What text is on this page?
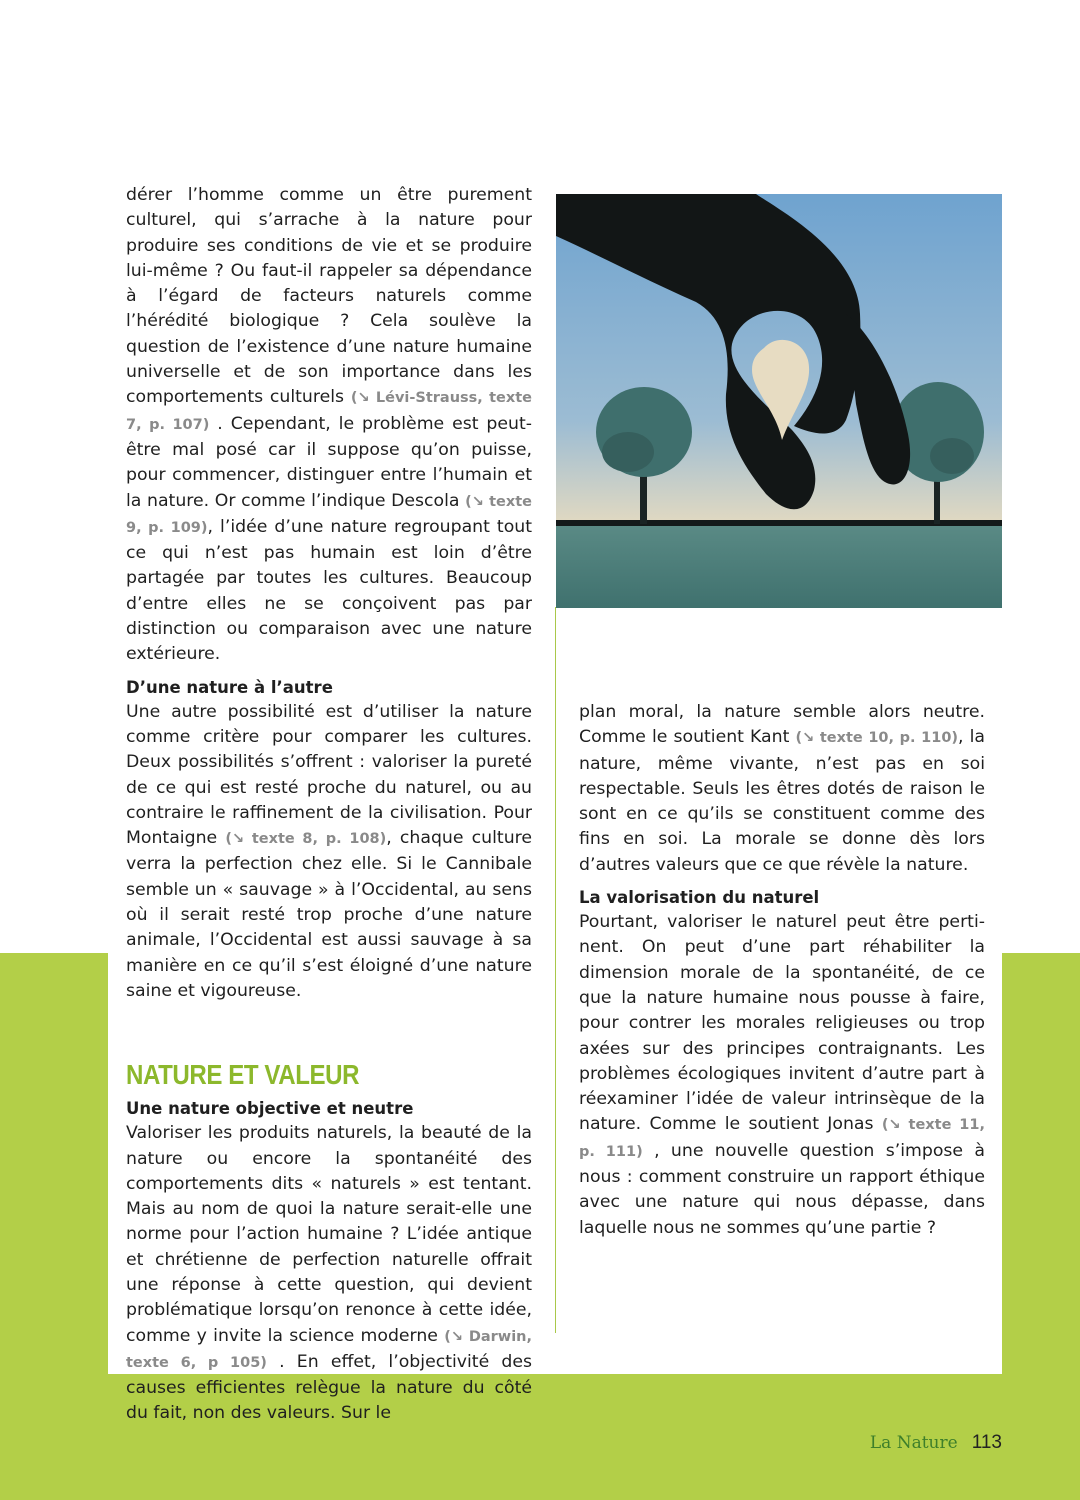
dérer l’homme comme un être purement culturel, qui s’arrache à la nature pour produire ses conditions de vie et se produire lui-même ? Ou faut-il rappeler sa dépendance à l’égard de facteurs naturels comme l’hérédité biologique ? Cela soulève la question de l’existence d’une nature humaine universelle et de son importance dans les comportements culturels (↘ Lévi-Strauss, texte 7, p. 107) . Cependant, le problème est peut-être mal posé car il suppose qu’on puisse, pour commencer, distinguer entre l’humain et la nature. Or comme l’indique Descola (↘ texte 9, p. 109), l’idée d’une nature regroupant tout ce qui n’est pas humain est loin d’être partagée par toutes les cultures. Beaucoup d’entre elles ne se conçoivent pas par distinction ou comparaison avec une nature extérieure.

D’une nature à l’autre

Une autre possibilité est d’utiliser la nature comme critère pour comparer les cultures. Deux possibilités s’offrent : valoriser la pureté de ce qui est resté proche du naturel, ou au contraire le raffinement de la civilisation. Pour Montaigne (↘ texte 8, p. 108), chaque culture verra la perfection chez elle. Si le Cannibale semble un « sauvage » à l’Occidental, au sens où il serait resté trop proche d’une nature animale, l’Occidental est aussi sauvage à sa manière en ce qu’il s’est éloigné d’une nature saine et vigoureuse.

NATURE ET VALEUR
Une nature objective et neutre

Valoriser les produits naturels, la beauté de la nature ou encore la spontanéité des comportements dits « naturels » est tentant. Mais au nom de quoi la nature serait-elle une norme pour l’action humaine ? L’idée antique et chrétienne de perfection naturelle offrait une réponse à cette question, qui devient problématique lorsqu’on renonce à cette idée, comme y invite la science moderne (↘ Darwin, texte 6, p 105) . En effet, l’objectivité des causes efficientes relègue la nature du côté du fait, non des valeurs. Sur le

plan moral, la nature semble alors neutre. Comme le soutient Kant (↘ texte 10, p. 110), la nature, même vivante, n’est pas en soi respectable. Seuls les êtres dotés de raison le sont en ce qu’ils se constituent comme des fins en soi. La morale se donne dès lors d’autres valeurs que ce que révèle la nature.

La valorisation du naturel

Pourtant, valoriser le naturel peut être pertinent. On peut d’une part réhabiliter la dimension morale de la spontanéité, de ce que la nature humaine nous pousse à faire, pour contrer les morales religieuses ou trop axées sur des principes contraignants. Les problèmes écologiques invitent d’autre part à réexaminer l’idée de valeur intrinsèque de la nature. Comme le soutient Jonas (↘ texte 11, p. 111) , une nouvelle question s’impose à nous : comment construire un rapport éthique avec une nature qui nous dépasse, dans laquelle nous ne sommes qu’une partie ?

La Nature 113
